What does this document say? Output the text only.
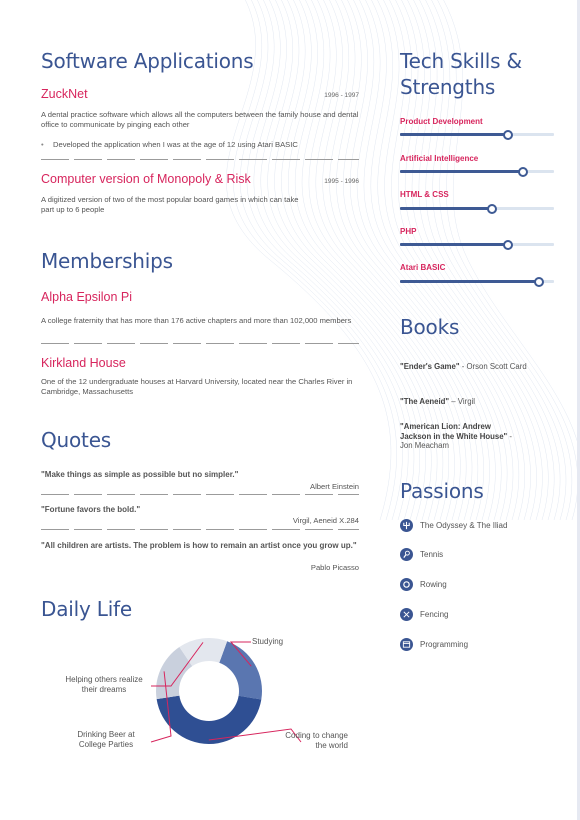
Software Applications
ZuckNet	1996 - 1997
A dental practice software which allows all the computers between the family house and dental office to communicate by pinging each other
• Developed the application when I was at the age of 12 using Atari BASIC
Computer version of Monopoly & Risk	1995 - 1996
A digitized version of two of the most popular board games in which can take part up to 6 people
Memberships
Alpha Epsilon Pi
A college fraternity that has more than 176 active chapters and more than 102,000 members
Kirkland House
One of the 12 undergraduate houses at Harvard University, located near the Charles River in Cambridge, Massachusetts
Quotes
"Make things as simple as possible but no simpler."
Albert Einstein
"Fortune favors the bold."
Virgil, Aeneid X.284
"All children are artists. The problem is how to remain an artist once you grow up."
Pablo Picasso
Daily Life
Studying
Helping others realize their dreams
Drinking Beer at College Parties
Coding to change the world
Tech Skills & Strengths
Product Development
Artificial Intelligence
HTML & CSS
PHP
Atari BASIC
Books
"Ender's Game" - Orson Scott Card
"The Aeneid" – Virgil
"American Lion: Andrew Jackson in the White House" - Jon Meacham
Passions
The Odyssey & The Iliad
Tennis
Rowing
Fencing
Programming
